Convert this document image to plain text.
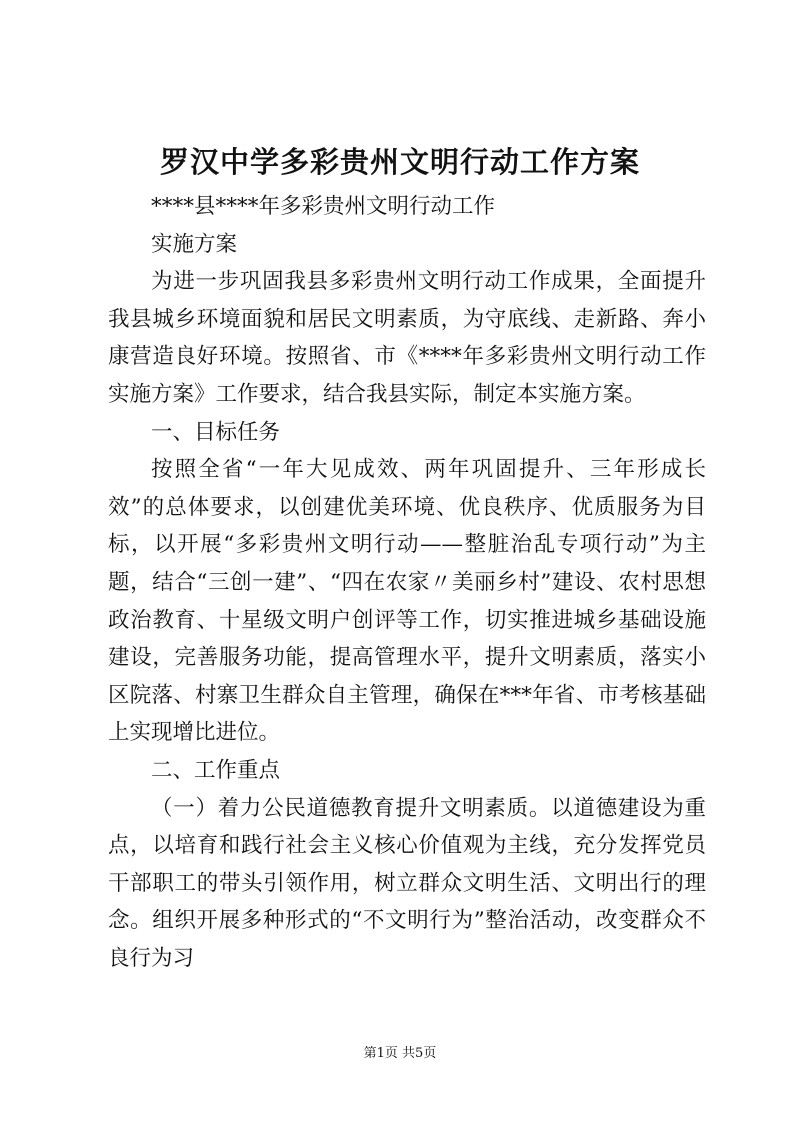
罗汉中学多彩贵州文明行动工作方案

****县****年多彩贵州文明行动工作

实施方案

为进一步巩固我县多彩贵州文明行动工作成果，全面提升我县城乡环境面貌和居民文明素质，为守底线、走新路、奔小康营造良好环境。按照省、市《****年多彩贵州文明行动工作实施方案》工作要求，结合我县实际，制定本实施方案。

一、目标任务

按照全省“一年大见成效、两年巩固提升、三年形成长效”的总体要求，以创建优美环境、优良秩序、优质服务为目标，以开展“多彩贵州文明行动——整脏治乱专项行动”为主题，结合“三创一建”、“四在农家〃美丽乡村”建设、农村思想政治教育、十星级文明户创评等工作，切实推进城乡基础设施建设，完善服务功能，提高管理水平，提升文明素质，落实小区院落、村寨卫生群众自主管理，确保在***年省、市考核基础上实现增比进位。

二、工作重点

（一）着力公民道德教育提升文明素质。以道德建设为重点，以培育和践行社会主义核心价值观为主线，充分发挥党员干部职工的带头引领作用，树立群众文明生活、文明出行的理念。组织开展多种形式的“不文明行为”整治活动，改变群众不良行为习

第1页 共5页
